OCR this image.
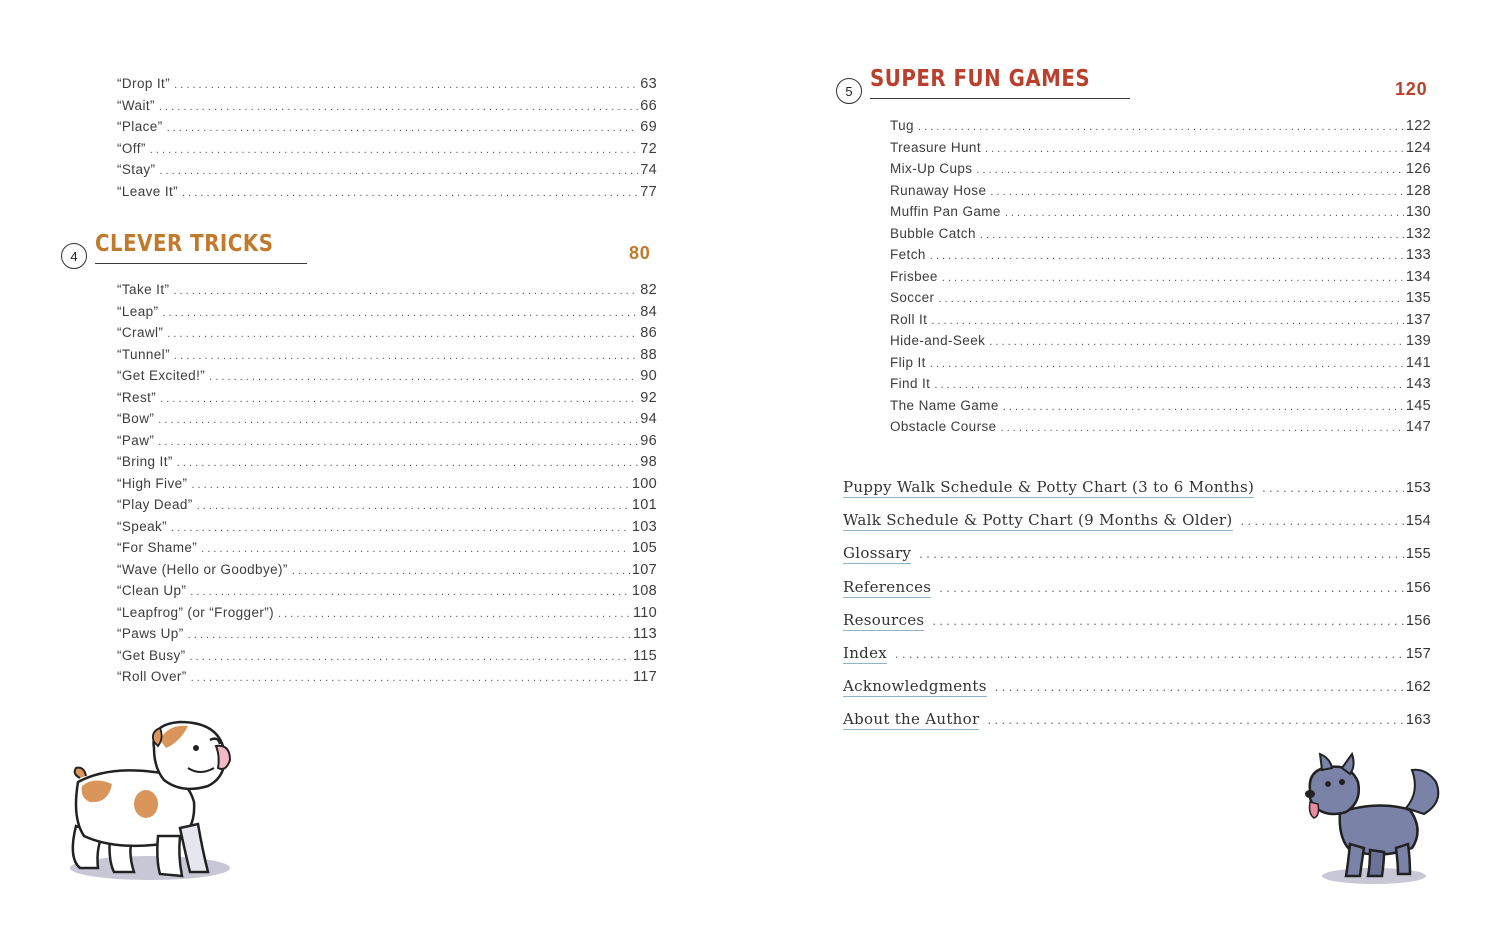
“Drop It” . . .	63
“Wait” . . .	66
“Place” . . .	69
“Off” . . .	72
“Stay” . . .	74
“Leave It” . . .	77
4 CLEVER TRICKS	80
“Take It” . . .	82
“Leap” . . .	84
“Crawl” . . .	86
“Tunnel” . . .	88
“Get Excited!” . . .	90
“Rest” . . .	92
“Bow” . . .	94
“Paw” . . .	96
“Bring It” . . .	98
“High Five” . . .	100
“Play Dead” . . .	101
“Speak” . . .	103
“For Shame” . . .	105
“Wave (Hello or Goodbye)” . . .	107
“Clean Up” . . .	108
“Leapfrog” (or “Frogger”) . . .	110
“Paws Up” . . .	113
“Get Busy” . . .	115
“Roll Over” . . .	117
5 SUPER FUN GAMES	120
Tug . . .	122
Treasure Hunt . . .	124
Mix-Up Cups . . .	126
Runaway Hose . . .	128
Muffin Pan Game . . .	130
Bubble Catch . . .	132
Fetch . . .	133
Frisbee . . .	134
Soccer . . .	135
Roll It . . .	137
Hide-and-Seek . . .	139
Flip It . . .	141
Find It . . .	143
The Name Game . . .	145
Obstacle Course . . .	147
Puppy Walk Schedule & Potty Chart (3 to 6 Months) . . .	153
Walk Schedule & Potty Chart (9 Months & Older) . . .	154
Glossary . . .	155
References . . .	156
Resources . . .	156
Index . . .	157
Acknowledgments . . .	162
About the Author . . .	163
